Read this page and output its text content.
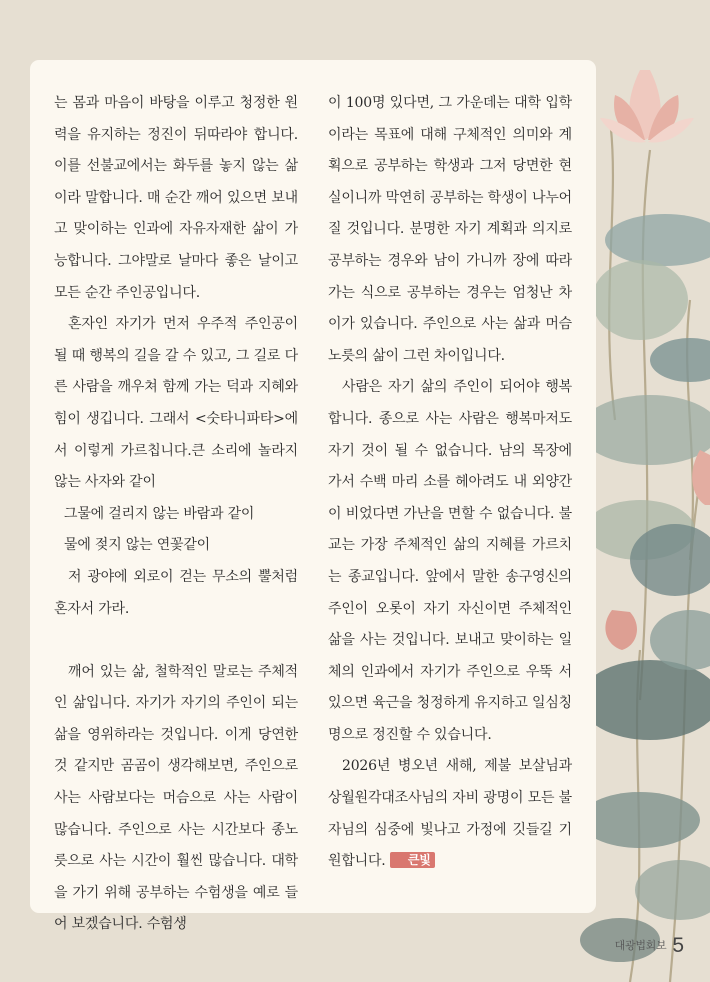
는 몸과 마음이 바탕을 이루고 청정한 원력을 유지하는 정진이 뒤따라야 합니다. 이를 선불교에서는 화두를 놓지 않는 삶이라 말합니다. 매 순간 깨어 있으면 보내고 맞이하는 인과에 자유자재한 삶이 가능합니다. 그야말로 날마다 좋은 날이고 모든 순간 주인공입니다.

혼자인 자기가 먼저 우주적 주인공이 될 때 행복의 길을 갈 수 있고, 그 길로 다른 사람을 깨우쳐 함께 가는 덕과 지혜와 힘이 생깁니다. 그래서 <숫타니파타>에서 이렇게 가르칩니다.큰 소리에 놀라지 않는 사자와 같이

그물에 걸리지 않는 바람과 같이

물에 젖지 않는 연꽃같이

저 광야에 외로이 걷는 무소의 뿔처럼 혼자서 가라.

깨어 있는 삶, 철학적인 말로는 주체적인 삶입니다. 자기가 자기의 주인이 되는 삶을 영위하라는 것입니다. 이게 당연한 것 같지만 곰곰이 생각해보면, 주인으로 사는 사람보다는 머슴으로 사는 사람이 많습니다. 주인으로 사는 시간보다 종노릇으로 사는 시간이 훨씬 많습니다. 대학을 가기 위해 공부하는 수험생을 예로 들어 보겠습니다. 수험생

이 100명 있다면, 그 가운데는 대학 입학이라는 목표에 대해 구체적인 의미와 계획으로 공부하는 학생과 그저 당면한 현실이니까 막연히 공부하는 학생이 나누어질 것입니다. 분명한 자기 계획과 의지로 공부하는 경우와 남이 가니까 장에 따라가는 식으로 공부하는 경우는 엄청난 차이가 있습니다. 주인으로 사는 삶과 머슴 노릇의 삶이 그런 차이입니다.

사람은 자기 삶의 주인이 되어야 행복합니다. 종으로 사는 사람은 행복마저도 자기 것이 될 수 없습니다. 남의 목장에 가서 수백 마리 소를 헤아려도 내 외양간이 비었다면 가난을 면할 수 없습니다. 불교는 가장 주체적인 삶의 지혜를 가르치는 종교입니다. 앞에서 말한 송구영신의 주인이 오롯이 자기 자신이면 주체적인 삶을 사는 것입니다. 보내고 맞이하는 일체의 인과에서 자기가 주인으로 우뚝 서 있으면 육근을 청정하게 유지하고 일심칭명으로 정진할 수 있습니다.

2026년 병오년 새해, 제불 보살님과 상월원각대조사님의 자비 광명이 모든 불자님의 심중에 빛나고 가정에 깃들길 기원합니다. 큰빛

대광법회보 5
